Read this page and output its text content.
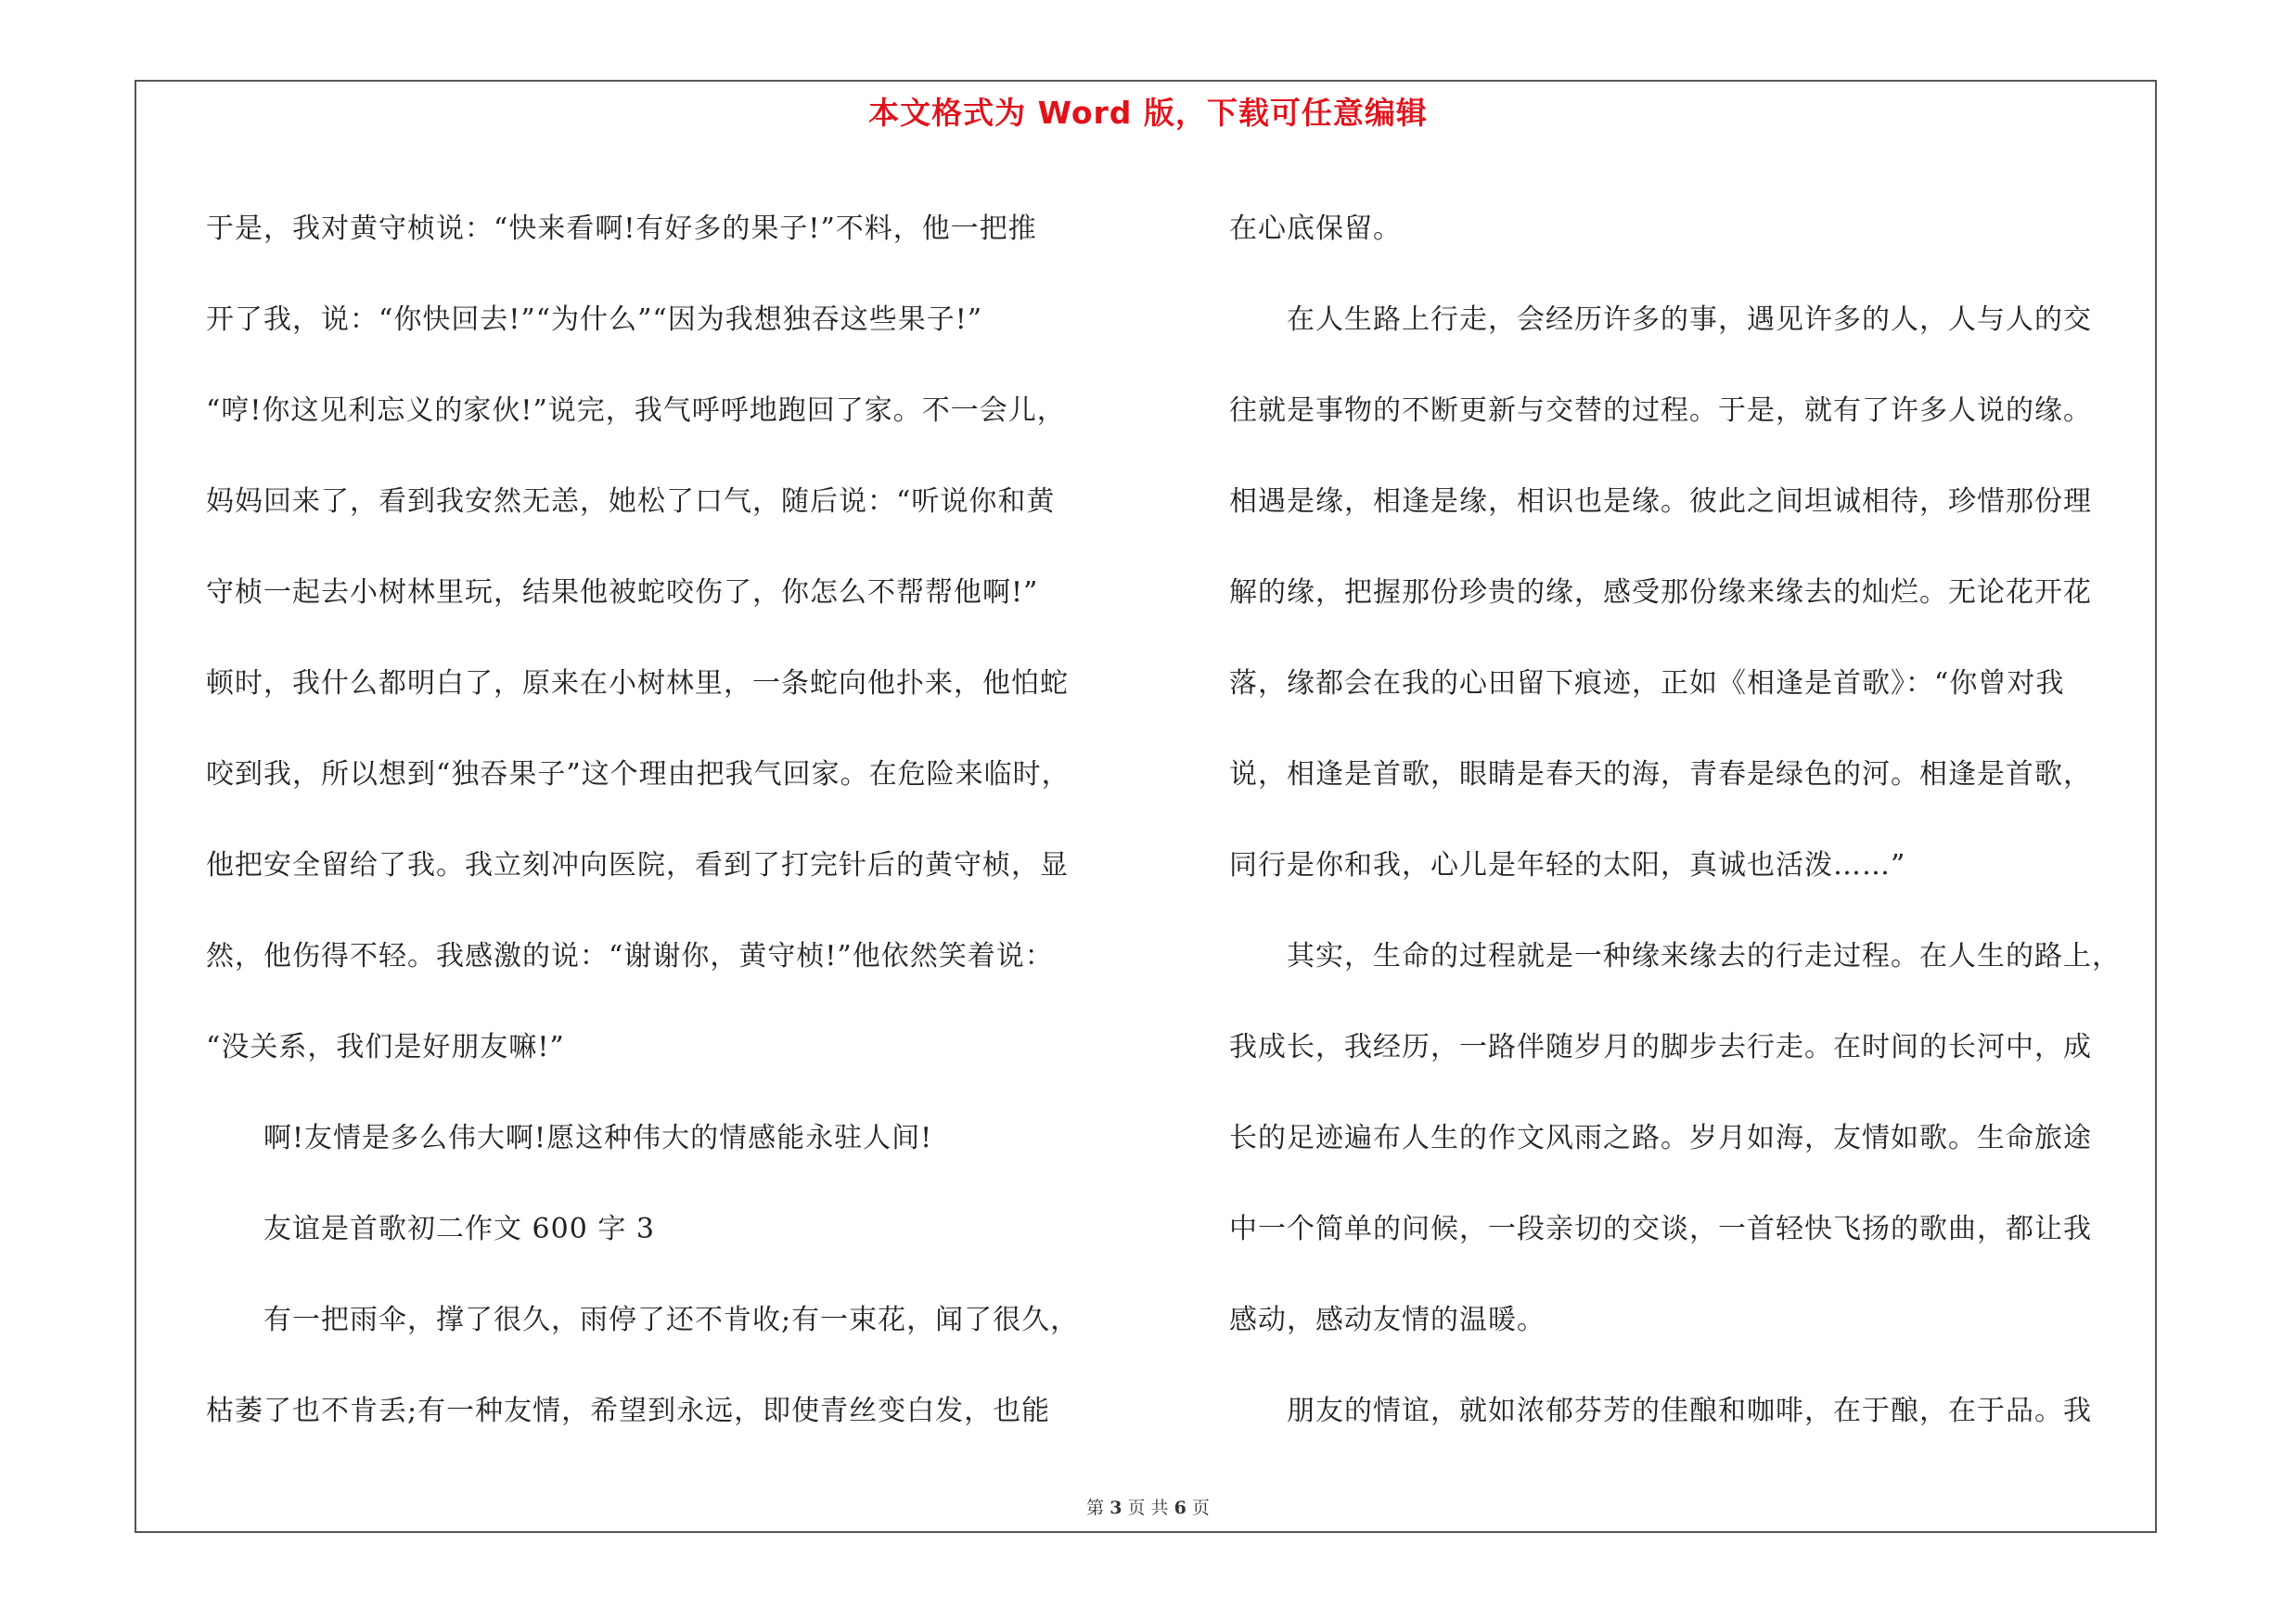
本文格式为 Word 版，下载可任意编辑

于是，我对黄守桢说：“快来看啊!有好多的果子!”不料，他一把推

开了我，说：“你快回去!”“为什么”“因为我想独吞这些果子!”

“哼!你这见利忘义的家伙!”说完，我气呼呼地跑回了家。不一会儿，

妈妈回来了，看到我安然无恙，她松了口气，随后说：“听说你和黄

守桢一起去小树林里玩，结果他被蛇咬伤了，你怎么不帮帮他啊!”

顿时，我什么都明白了，原来在小树林里，一条蛇向他扑来，他怕蛇

咬到我，所以想到“独吞果子”这个理由把我气回家。在危险来临时，

他把安全留给了我。我立刻冲向医院，看到了打完针后的黄守桢，显

然，他伤得不轻。我感激的说：“谢谢你，黄守桢!”他依然笑着说：

“没关系，我们是好朋友嘛!”

　　啊!友情是多么伟大啊!愿这种伟大的情感能永驻人间!

　　友谊是首歌初二作文 600 字 3

　　有一把雨伞，撑了很久，雨停了还不肯收;有一束花，闻了很久，

枯萎了也不肯丢;有一种友情，希望到永远，即使青丝变白发，也能

在心底保留。

　　在人生路上行走，会经历许多的事，遇见许多的人，人与人的交

往就是事物的不断更新与交替的过程。于是，就有了许多人说的缘。

相遇是缘，相逢是缘，相识也是缘。彼此之间坦诚相待，珍惜那份理

解的缘，把握那份珍贵的缘，感受那份缘来缘去的灿烂。无论花开花

落，缘都会在我的心田留下痕迹，正如《相逢是首歌》：“你曾对我

说，相逢是首歌，眼睛是春天的海，青春是绿色的河。相逢是首歌，

同行是你和我，心儿是年轻的太阳，真诚也活泼……”

　　其实，生命的过程就是一种缘来缘去的行走过程。在人生的路上，

我成长，我经历，一路伴随岁月的脚步去行走。在时间的长河中，成

长的足迹遍布人生的作文风雨之路。岁月如海，友情如歌。生命旅途

中一个简单的问候，一段亲切的交谈，一首轻快飞扬的歌曲，都让我

感动，感动友情的温暖。

　　朋友的情谊，就如浓郁芬芳的佳酿和咖啡，在于酿，在于品。我

第 3 页 共 6 页
